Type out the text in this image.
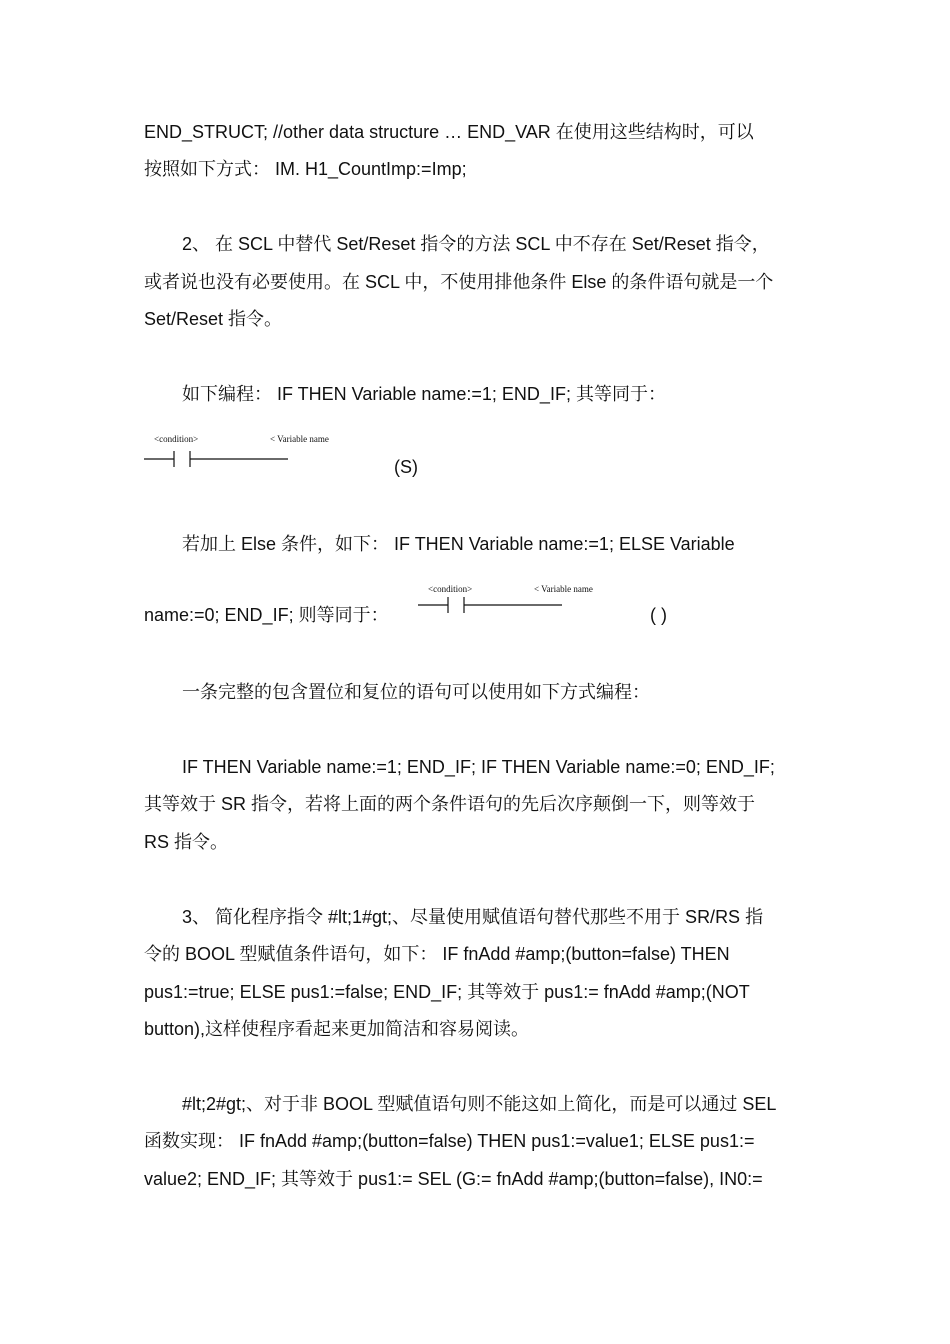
END_STRUCT; //other data structure … END_VAR 在使用这些结构时，可以
按照如下方式： IM. H1_CountImp:=Imp;
2、 在 SCL 中替代 Set/Reset 指令的方法 SCL 中不存在 Set/Reset 指令，
或者说也没有必要使用。在 SCL 中，不使用排他条件 Else 的条件语句就是一个
Set/Reset 指令。
如下编程： IF THEN Variable name:=1; END_IF; 其等同于：
<condition>	< Variable name
(S)
若加上 Else 条件，如下： IF THEN Variable name:=1; ELSE Variable
<condition>	< Variable name
name:=0; END_IF; 则等同于：	( )
一条完整的包含置位和复位的语句可以使用如下方式编程：
IF THEN Variable name:=1; END_IF; IF THEN Variable name:=0; END_IF;
其等效于 SR 指令，若将上面的两个条件语句的先后次序颠倒一下，则等效于
RS 指令。
3、 简化程序指令 #lt;1#gt;、尽量使用赋值语句替代那些不用于 SR/RS 指
令的 BOOL 型赋值条件语句，如下： IF fnAdd #amp;(button=false) THEN
pus1:=true; ELSE pus1:=false; END_IF; 其等效于 pus1:= fnAdd #amp;(NOT
button),这样使程序看起来更加简洁和容易阅读。
#lt;2#gt;、对于非 BOOL 型赋值语句则不能这如上简化，而是可以通过 SEL
函数实现： IF fnAdd #amp;(button=false) THEN pus1:=value1; ELSE pus1:=
value2; END_IF; 其等效于 pus1:= SEL (G:= fnAdd #amp;(button=false), IN0:=
